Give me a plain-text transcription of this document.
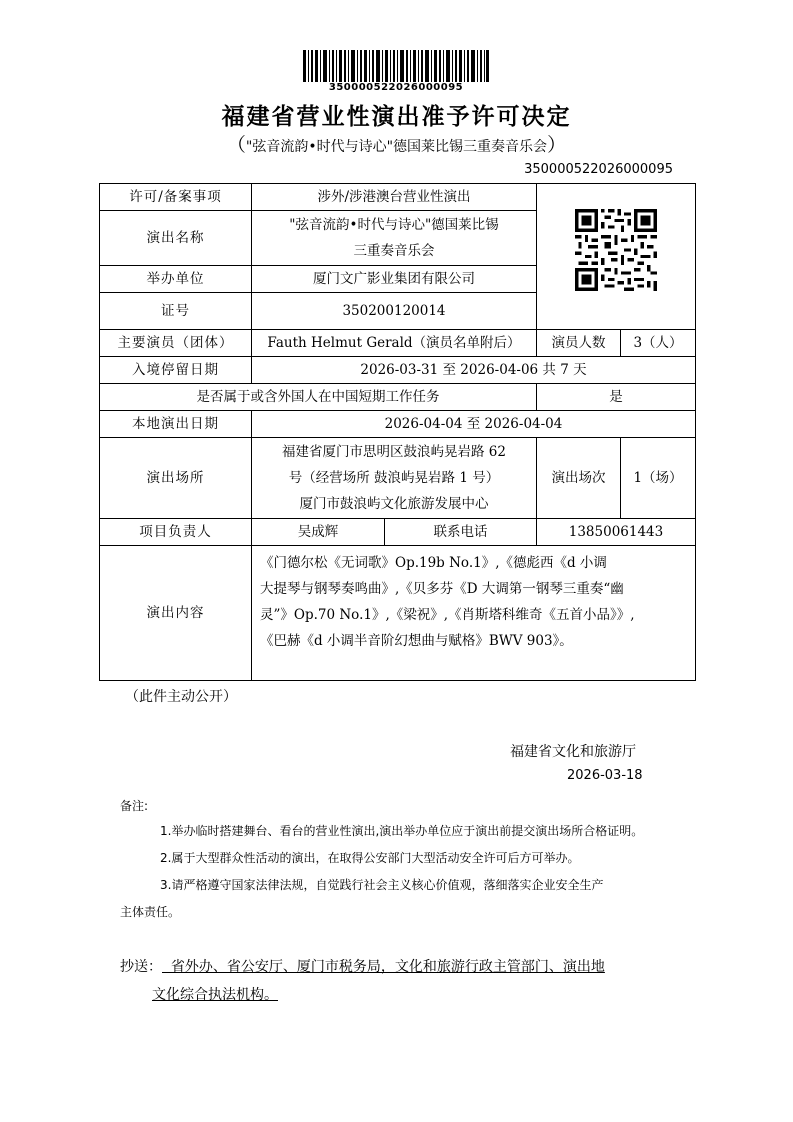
350000522026000095
福建省营业性演出准予许可决定
（"弦音流韵•时代与诗心"德国莱比锡三重奏音乐会）
350000522026000095
许可/备案事项	涉外/涉港澳台营业性演出	
演出名称	"弦音流韵•时代与诗心"德国莱比锡
三重奏音乐会			

举办单位	厦门文广影业集团有限公司			
证号	350200120014			
主要演员（团体）	Fauth Helmut Gerald（演员名单附后）		演员人数	3（人）
入境停留日期	2026-03-31 至 2026-04-06 共 7 天			
是否属于或含外国人在中国短期工作任务			是	
本地演出日期	2026-04-04 至 2026-04-04			
演出场所	福建省厦门市思明区鼓浪屿晃岩路 62
号（经营场所 鼓浪屿晃岩路 1 号）
厦门市鼓浪屿文化旅游发展中心		演出场次	1（场）
项目负责人	吴成辉	联系电话	13850061443	
演出内容	《门德尔松《无词歌》Op.19b No.1》,《德彪西《d 小调
大提琴与钢琴奏鸣曲》,《贝多芬《D 大调第一钢琴三重奏“幽
灵”》Op.70 No.1》,《梁祝》,《肖斯塔科维奇《五首小品》》,
《巴赫《d 小调半音阶幻想曲与赋格》BWV 903》。			
（此件主动公开）
福建省文化和旅游厅
2026-03-18
备注:
1.举办临时搭建舞台、看台的营业性演出,演出举办单位应于演出前提交演出场所合格证明。
2.属于大型群众性活动的演出，在取得公安部门大型活动安全许可后方可举办。
3.请严格遵守国家法律法规，自觉践行社会主义核心价值观，落细落实企业安全生产
主体责任。
抄送：  省外办、省公安厅、厦门市税务局，文化和旅游行政主管部门、演出地
文化综合执法机构。
